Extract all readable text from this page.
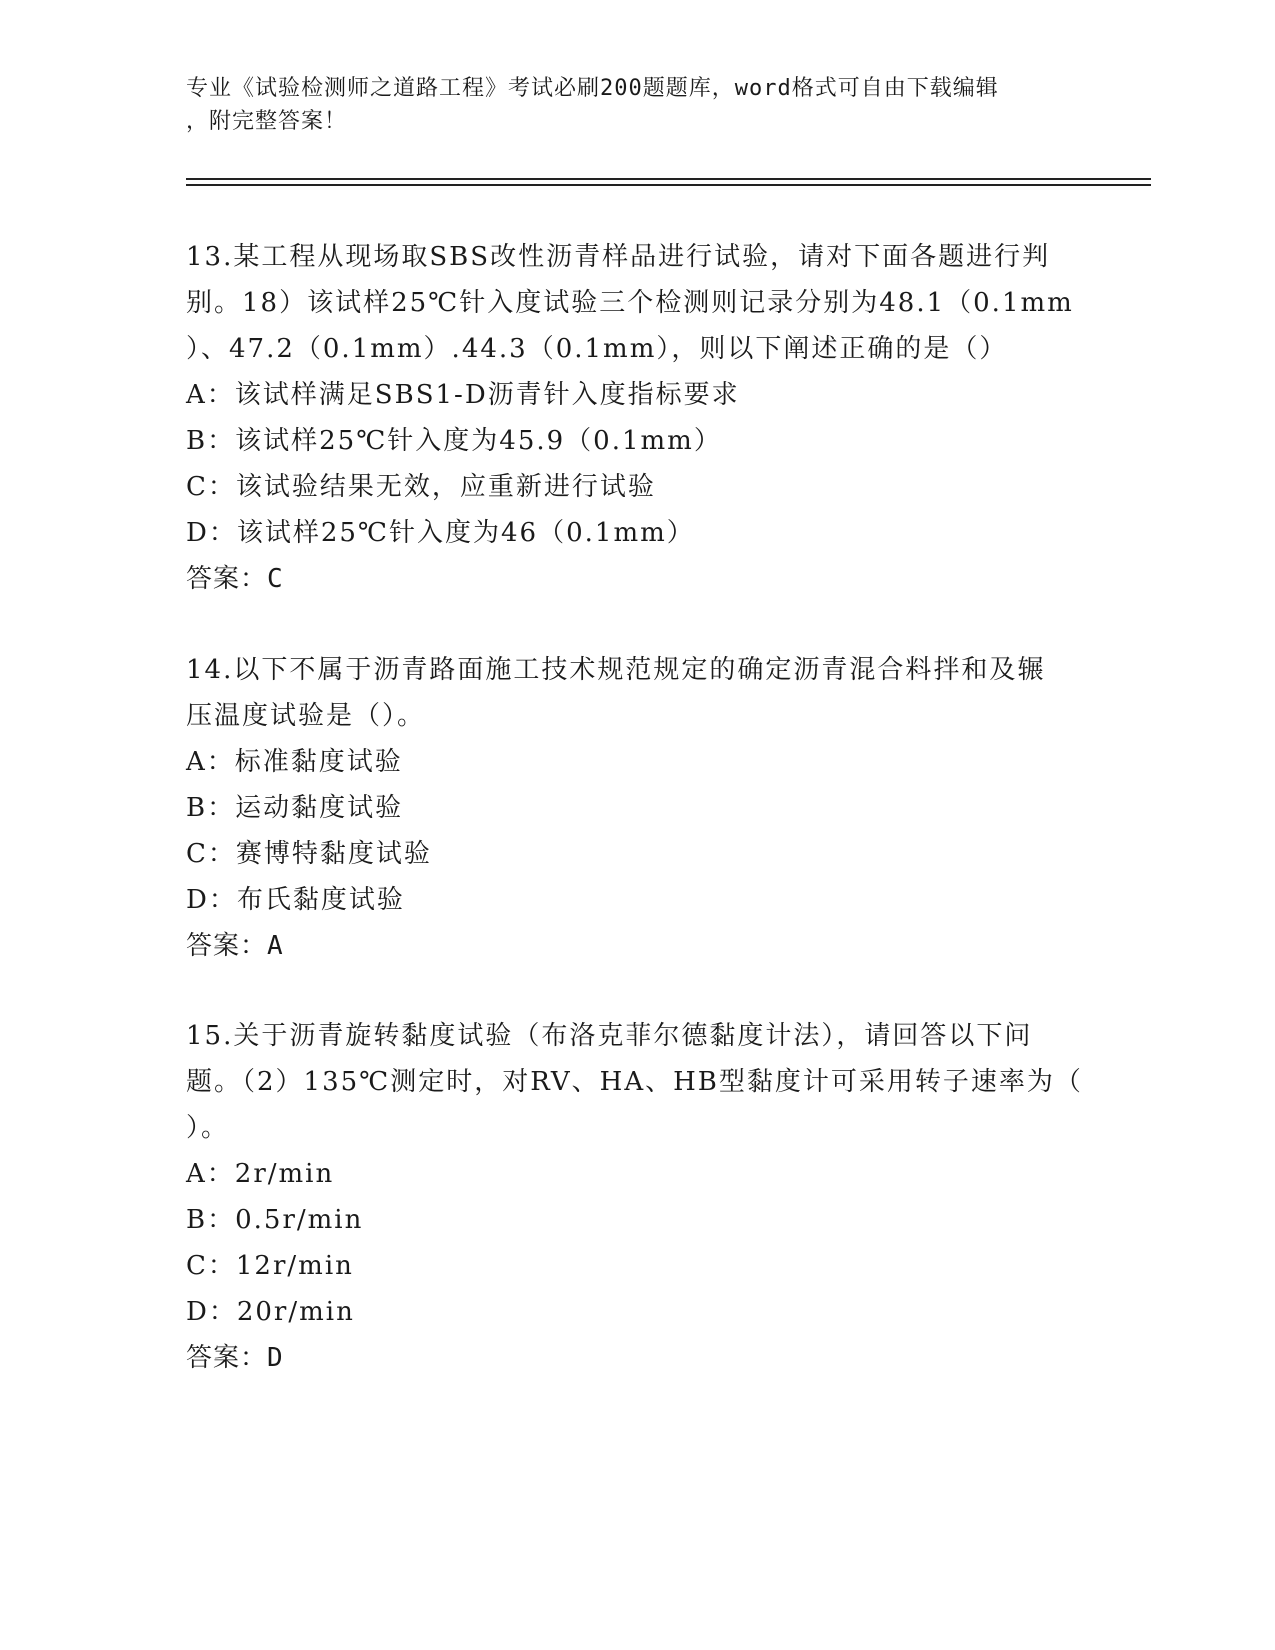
专业《试验检测师之道路工程》考试必刷200题题库，word格式可自由下载编辑
，附完整答案！

13.某工程从现场取SBS改性沥青样品进行试验，请对下面各题进行判

别。18）该试样25℃针入度试验三个检测则记录分别为48.1（0.1mm

）、47.2（0.1mm）.44.3（0.1mm），则以下阐述正确的是（）

A：该试样满足SBS1-D沥青针入度指标要求

B：该试样25℃针入度为45.9（0.1mm）

C：该试验结果无效，应重新进行试验

D：该试样25℃针入度为46（0.1mm）

答案：C

14.以下不属于沥青路面施工技术规范规定的确定沥青混合料拌和及辗

压温度试验是（）。

A：标准黏度试验

B：运动黏度试验

C：赛博特黏度试验

D：布氏黏度试验

答案：A

15.关于沥青旋转黏度试验（布洛克菲尔德黏度计法），请回答以下问

题。（2）135℃测定时，对RV、HA、HB型黏度计可采用转子速率为（

）。

A：2r/min

B：0.5r/min

C：12r/min

D：20r/min

答案：D
